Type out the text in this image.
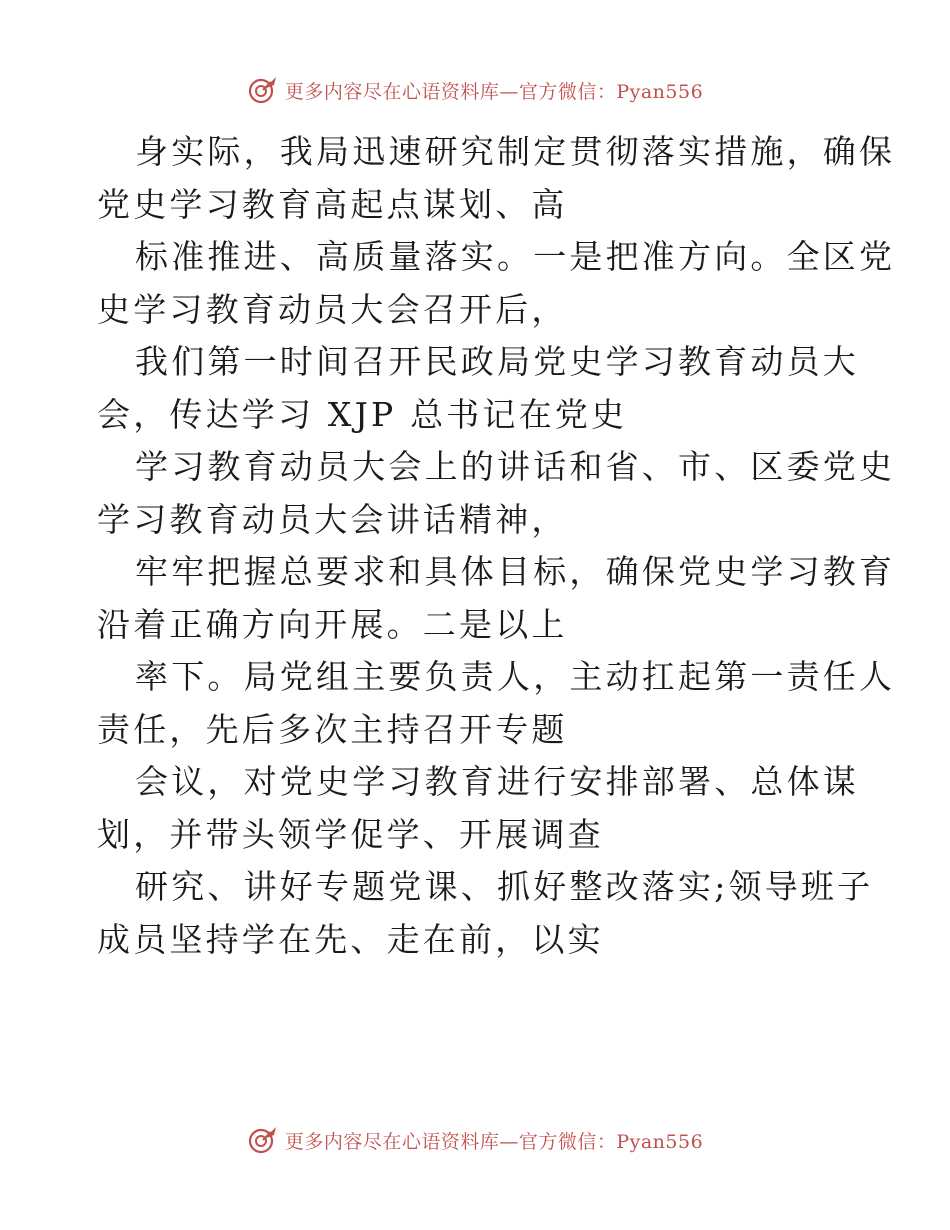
更多内容尽在心语资料库—官方微信：Pyan556

身实际，我局迅速研究制定贯彻落实措施，确保
党史学习教育高起点谋划、高

标准推进、高质量落实。一是把准方向。全区党
史学习教育动员大会召开后，

我们第一时间召开民政局党史学习教育动员大
会，传达学习 XJP 总书记在党史

学习教育动员大会上的讲话和省、市、区委党史
学习教育动员大会讲话精神，

牢牢把握总要求和具体目标，确保党史学习教育
沿着正确方向开展。二是以上

率下。局党组主要负责人，主动扛起第一责任人
责任，先后多次主持召开专题

会议，对党史学习教育进行安排部署、总体谋
划，并带头领学促学、开展调查

研究、讲好专题党课、抓好整改落实;领导班子
成员坚持学在先、走在前，以实

更多内容尽在心语资料库—官方微信：Pyan556
